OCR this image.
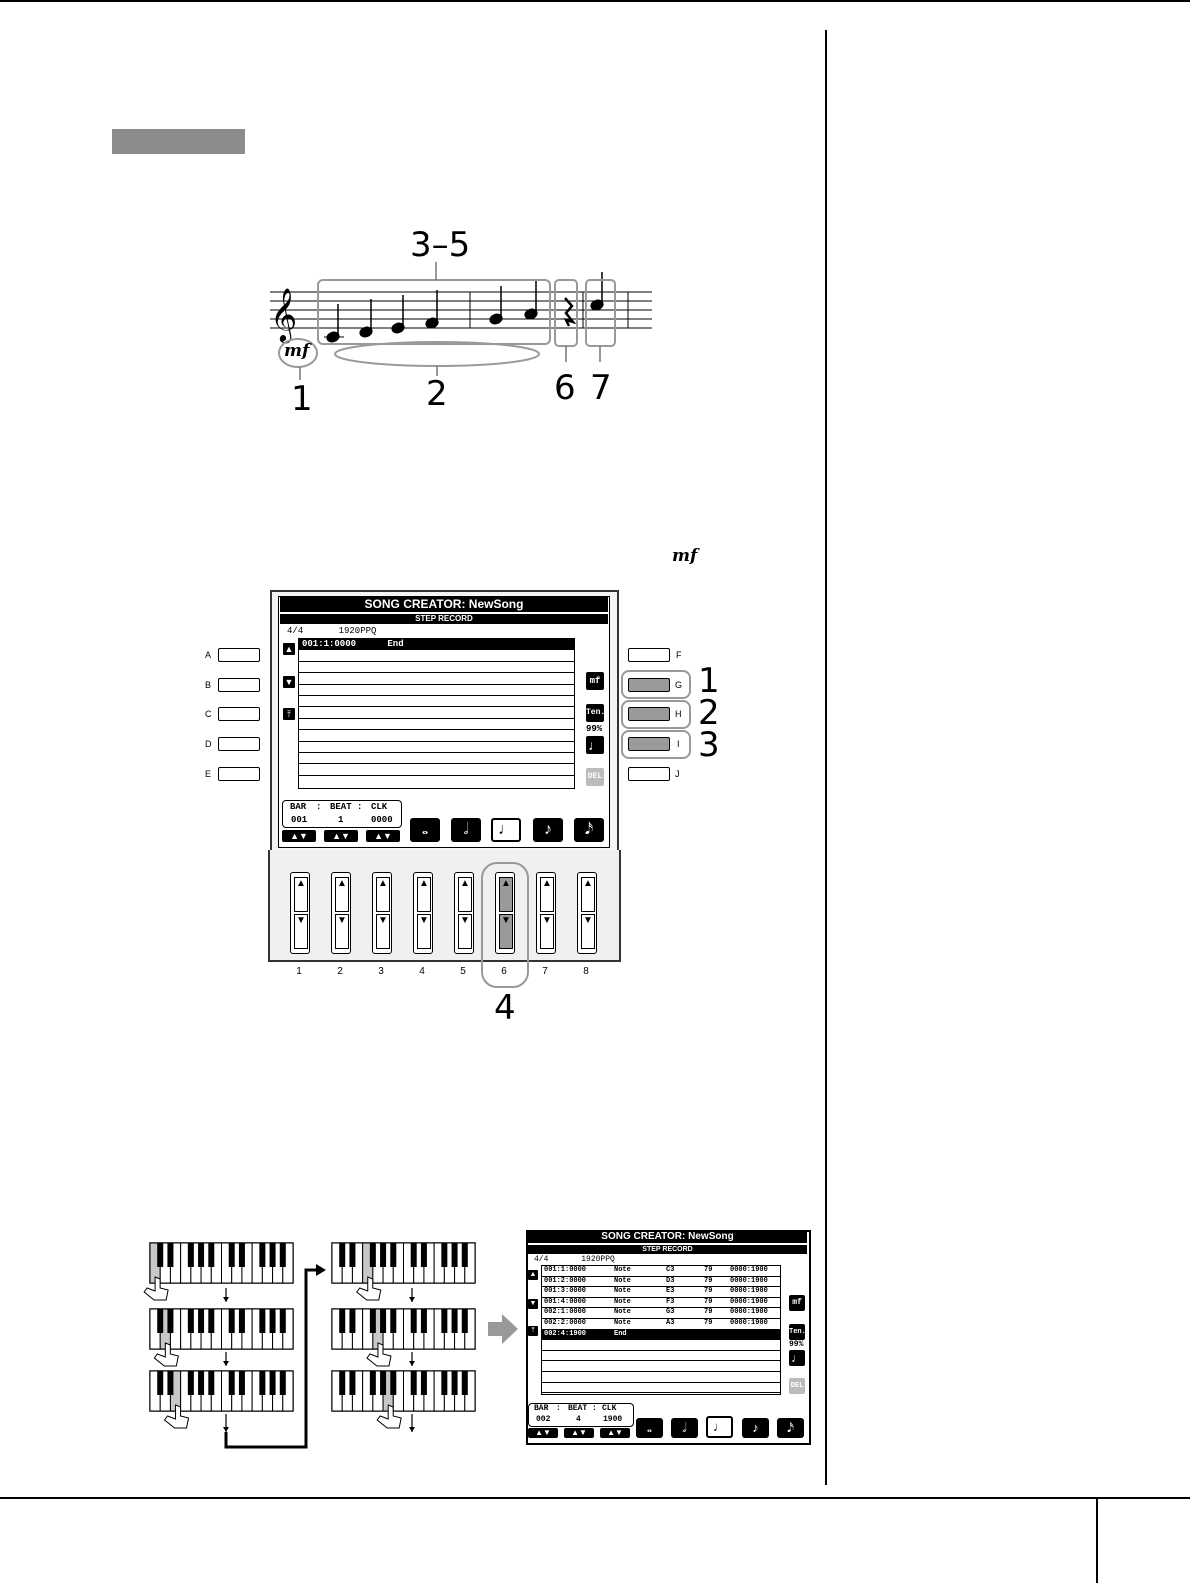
𝄞
3–5
mf
1	2	6 7
mf
SONG CREATOR: NewSong
STEP RECORD
4/4	1920PPQ
001:1:0000	End
▲
▼
⤒
mf
Ten.
99%
♩
DEL
BAR : BEAT : CLK
001	1	0000
▲▼	▲▼	▲▼	𝅝	𝅗𝅥	♩	♪	𝅘𝅥𝅯
A
B
C
D
E
F
G
H
I
J
1
2
3
▲
▼
1
▲
▼
2
▲
▼
3
▲
▼
4
▲
▼
5
▲
▼
6
▲
▼
7
▲
▼
8
4
SONG CREATOR: NewSong
STEP RECORD
4/4	1920PPQ
001:1:0000	Note	C3	79	0000:1900
001:2:0000	Note	D3	79	0000:1900
001:3:0000	Note	E3	79	0000:1900
001:4:0000	Note	F3	79	0000:1900
002:1:0000	Note	G3	79	0000:1900
002:2:0000	Note	A3	79	0000:1900
002:4:1900	End
▲
▼
⤒
mf
Ten.
99%
♩
DEL
BAR : BEAT : CLK
002	4	1900
▲▼	▲▼	▲▼	𝅝	𝅗𝅥	♩	♪	𝅘𝅥𝅯
